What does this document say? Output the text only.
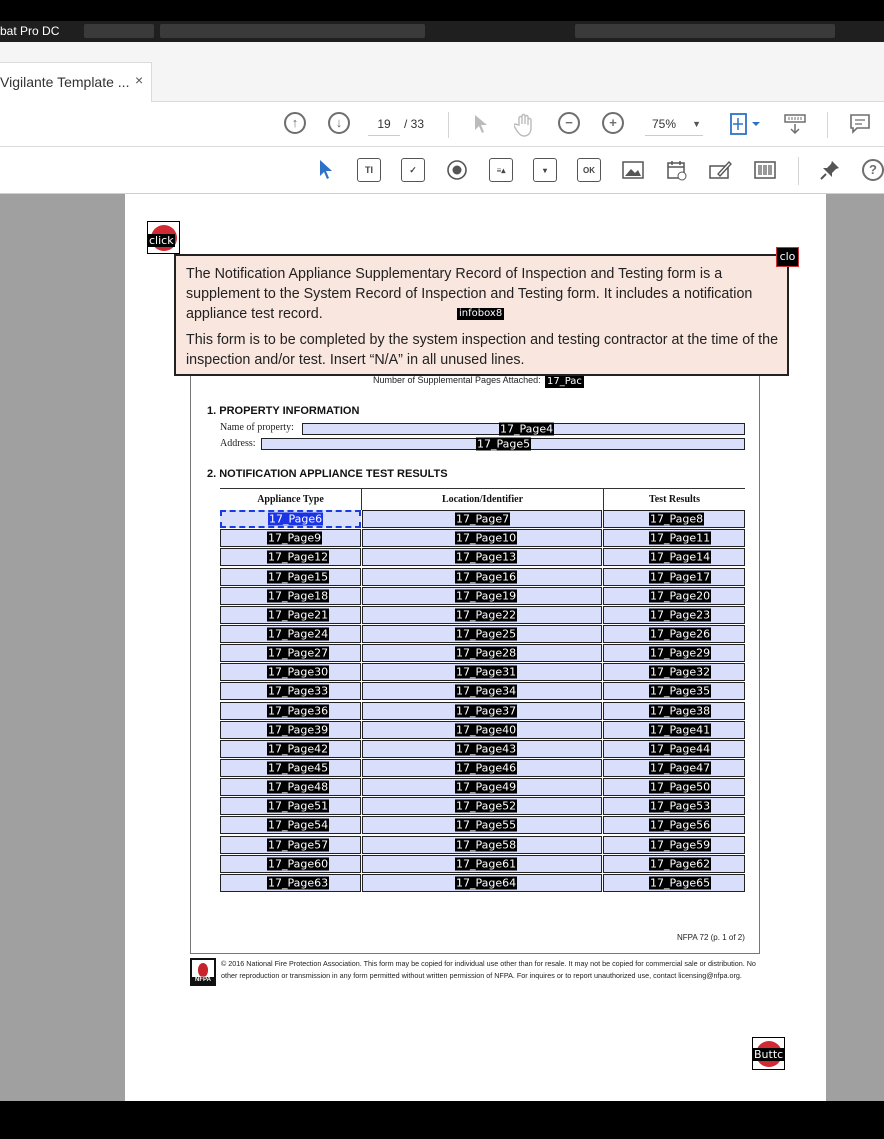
bat Pro DC
Vigilante Template ... ×
↑	↓	19	/ 33	−	+	75% ▼
TI	✓	≡▴	▾	OK	?
click

The Notification Appliance Supplementary Record of Inspection and Testing form is a supplement to the System Record of Inspection and Testing form. It includes a notification appliance test record.

This form is to be completed by the system inspection and testing contractor at the time of the inspection and/or test. Insert “N/A” in all unused lines.

infobox8
clo
Number of Supplemental Pages Attached: 17_Pac
1. PROPERTY INFORMATION
Name of property:	17_Page4
Address:	17_Page5
2. NOTIFICATION APPLIANCE TEST RESULTS
Appliance Type	Location/Identifier	Test Results
17_Page6	17_Page7	17_Page8
17_Page9	17_Page10	17_Page11
17_Page12	17_Page13	17_Page14
17_Page15	17_Page16	17_Page17
17_Page18	17_Page19	17_Page20
17_Page21	17_Page22	17_Page23
17_Page24	17_Page25	17_Page26
17_Page27	17_Page28	17_Page29
17_Page30	17_Page31	17_Page32
17_Page33	17_Page34	17_Page35
17_Page36	17_Page37	17_Page38
17_Page39	17_Page40	17_Page41
17_Page42	17_Page43	17_Page44
17_Page45	17_Page46	17_Page47
17_Page48	17_Page49	17_Page50
17_Page51	17_Page52	17_Page53
17_Page54	17_Page55	17_Page56
17_Page57	17_Page58	17_Page59
17_Page60	17_Page61	17_Page62
17_Page63	17_Page64	17_Page65
NFPA 72 (p. 1 of 2)
NFPA
© 2016 National Fire Protection Association. This form may be copied for individual use other than for resale. It may not be copied for commercial sale or distribution. No other reproduction or transmission in any form permitted without written permission of NFPA. For inquires or to report unauthorized use, contact licensing@nfpa.org.
Buttc
